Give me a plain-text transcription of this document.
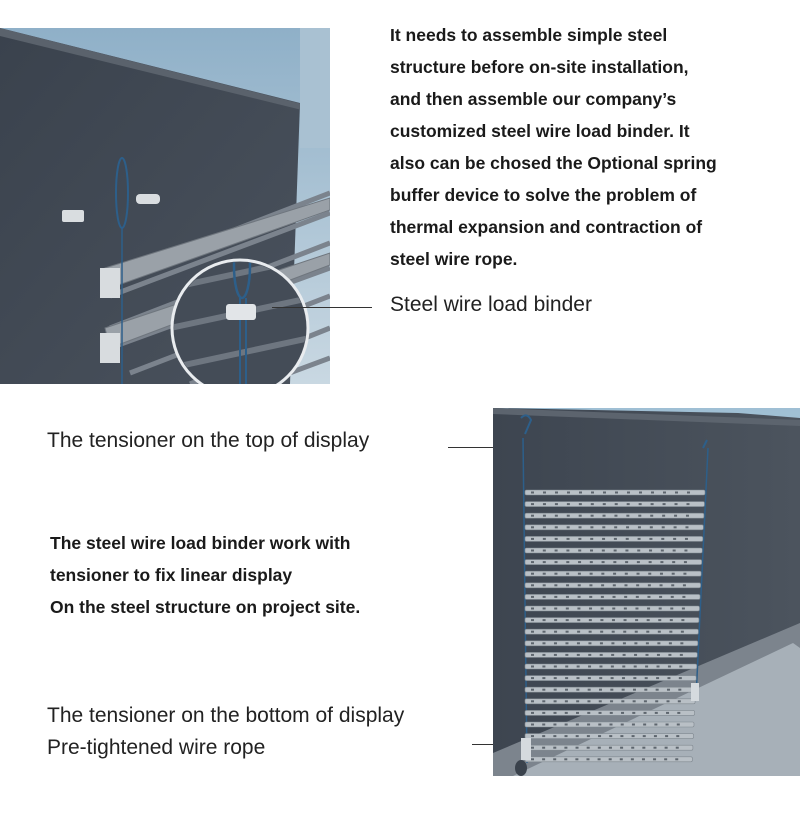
It needs to assemble simple steel
structure before on-site installation,
and then assemble our company’s
customized steel wire load binder. It
also can be chosed the Optional spring
buffer device to solve the problem of
thermal expansion and contraction of
steel wire rope.

Steel wire load binder
The tensioner on the top of display

The steel wire load binder work with
tensioner to fix linear display
On the steel structure on project site.

The tensioner on the bottom of display
Pre-tightened wire rope
